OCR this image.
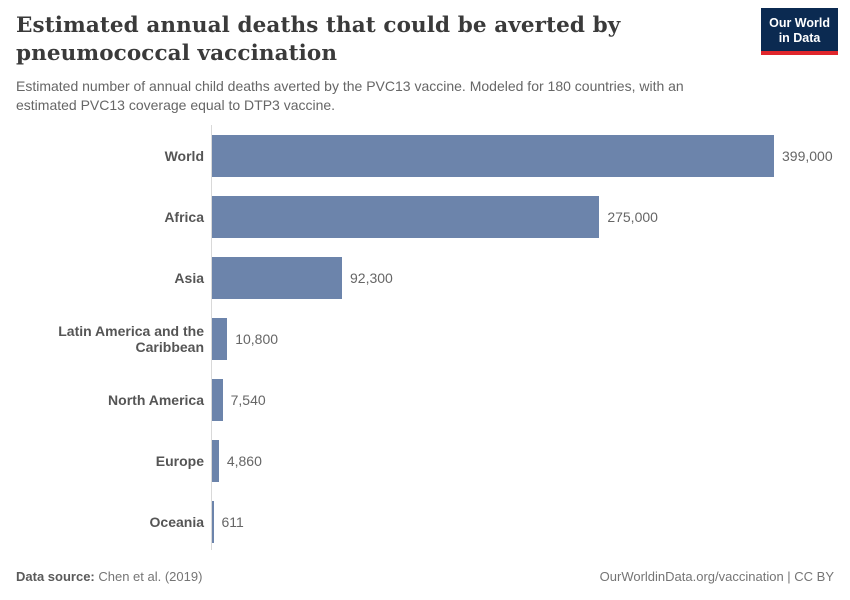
Estimated annual deaths that could be averted by pneumococcal vaccination
Estimated number of annual child deaths averted by the PVC13 vaccine. Modeled for 180 countries, with an estimated PVC13 coverage equal to DTP3 vaccine.
Our World
in Data
World	399,000
Africa	275,000
Asia	92,300
Latin America and the Caribbean 10,800
North America 7,540
Europe 4,860
Oceania 611
Data source: Chen et al. (2019)	OurWorldinData.org/vaccination | CC BY
